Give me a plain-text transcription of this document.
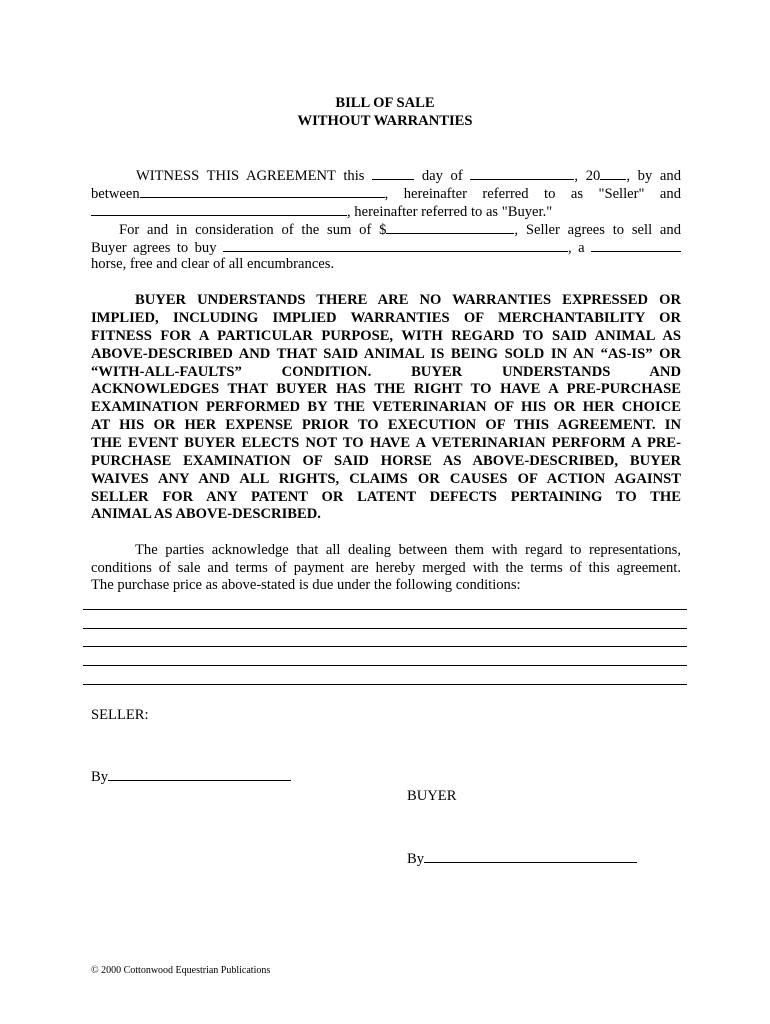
BILL OF SALE
WITHOUT WARRANTIES
WITNESS THIS AGREEMENT this	day of	, 20 , by and
between	, hereinafter referred to as "Seller" and
, hereinafter referred to as "Buyer."
For and in consideration of the sum of $	, Seller agrees to sell and
Buyer agrees to buy	, a
horse, free and clear of all encumbrances.
BUYER UNDERSTANDS THERE ARE NO WARRANTIES EXPRESSED OR
IMPLIED, INCLUDING IMPLIED WARRANTIES OF MERCHANTABILITY OR
FITNESS FOR A PARTICULAR PURPOSE, WITH REGARD TO SAID ANIMAL AS
ABOVE-DESCRIBED AND THAT SAID ANIMAL IS BEING SOLD IN AN “AS-IS” OR
“WITH-ALL-FAULTS” CONDITION. BUYER UNDERSTANDS AND
ACKNOWLEDGES THAT BUYER HAS THE RIGHT TO HAVE A PRE-PURCHASE
EXAMINATION PERFORMED BY THE VETERINARIAN OF HIS OR HER CHOICE
AT HIS OR HER EXPENSE PRIOR TO EXECUTION OF THIS AGREEMENT. IN
THE EVENT BUYER ELECTS NOT TO HAVE A VETERINARIAN PERFORM A PRE-
PURCHASE EXAMINATION OF SAID HORSE AS ABOVE-DESCRIBED, BUYER
WAIVES ANY AND ALL RIGHTS, CLAIMS OR CAUSES OF ACTION AGAINST
SELLER FOR ANY PATENT OR LATENT DEFECTS PERTAINING TO THE
ANIMAL AS ABOVE-DESCRIBED.
The parties acknowledge that all dealing between them with regard to representations,
conditions of sale and terms of payment are hereby merged with the terms of this agreement.
The purchase price as above-stated is due under the following conditions:
SELLER:
By
BUYER
By
© 2000 Cottonwood Equestrian Publications
